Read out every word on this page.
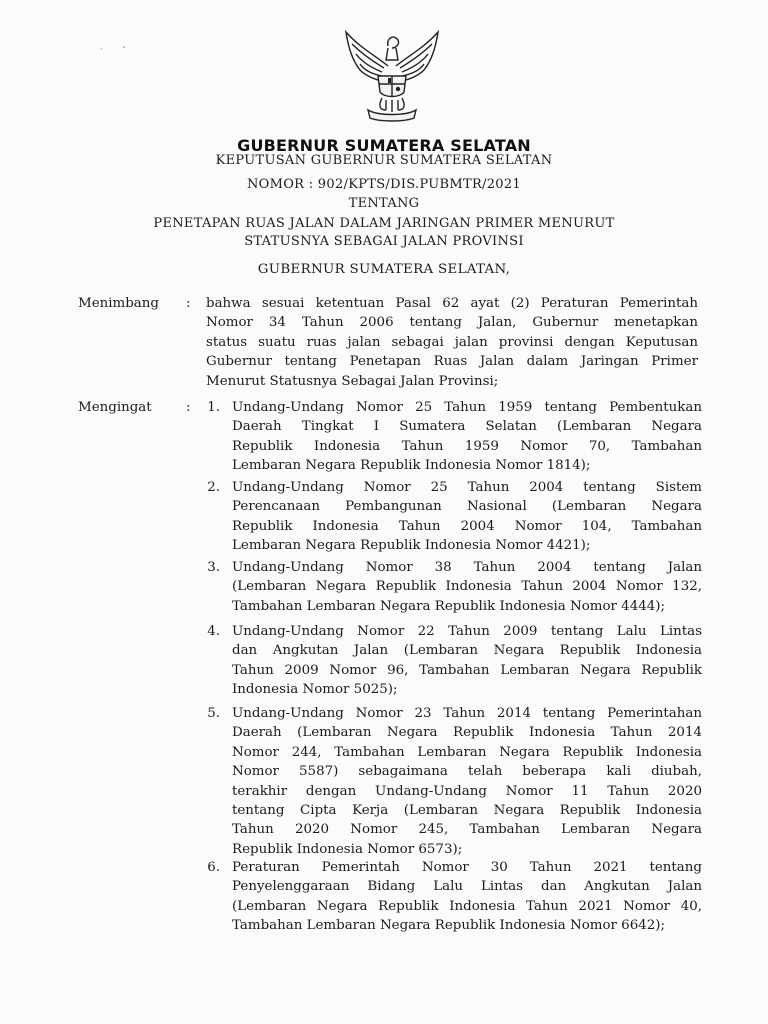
·        '
GUBERNUR SUMATERA SELATAN
KEPUTUSAN GUBERNUR SUMATERA SELATAN
NOMOR : 902/KPTS/DIS.PUBMTR/2021
TENTANG
PENETAPAN RUAS JALAN DALAM JARINGAN PRIMER MENURUT
STATUSNYA SEBAGAI JALAN PROVINSI
GUBERNUR SUMATERA SELATAN,
Menimbang :
Mengingat	:
bahwa sesuai ketentuan Pasal 62 ayat (2) Peraturan Pemerintah
Nomor 34 Tahun 2006 tentang Jalan, Gubernur menetapkan
status suatu ruas jalan sebagai jalan provinsi dengan Keputusan
Gubernur tentang Penetapan Ruas Jalan dalam Jaringan Primer
Menurut Statusnya Sebagai Jalan Provinsi;
1. Undang-Undang Nomor 25 Tahun 1959 tentang Pembentukan
Daerah Tingkat I Sumatera Selatan (Lembaran Negara
Republik Indonesia Tahun 1959 Nomor 70, Tambahan
Lembaran Negara Republik Indonesia Nomor 1814);
2. Undang-Undang Nomor 25 Tahun 2004 tentang Sistem
Perencanaan Pembangunan Nasional (Lembaran Negara
Republik Indonesia Tahun 2004 Nomor 104, Tambahan
Lembaran Negara Republik Indonesia Nomor 4421);
3. Undang-Undang Nomor 38 Tahun 2004 tentang Jalan
(Lembaran Negara Republik Indonesia Tahun 2004 Nomor 132,
Tambahan Lembaran Negara Republik Indonesia Nomor 4444);
4. Undang-Undang Nomor 22 Tahun 2009 tentang Lalu Lintas
dan Angkutan Jalan (Lembaran Negara Republik Indonesia
Tahun 2009 Nomor 96, Tambahan Lembaran Negara Republik
Indonesia Nomor 5025);
5. Undang-Undang Nomor 23 Tahun 2014 tentang Pemerintahan
Daerah (Lembaran Negara Republik Indonesia Tahun 2014
Nomor 244, Tambahan Lembaran Negara Republik Indonesia
Nomor 5587) sebagaimana telah beberapa kali diubah,
terakhir dengan Undang-Undang Nomor 11 Tahun 2020
tentang Cipta Kerja (Lembaran Negara Republik Indonesia
Tahun 2020 Nomor 245, Tambahan Lembaran Negara
Republik Indonesia Nomor 6573);
6. Peraturan Pemerintah Nomor 30 Tahun 2021 tentang
Penyelenggaraan Bidang Lalu Lintas dan Angkutan Jalan
(Lembaran Negara Republik Indonesia Tahun 2021 Nomor 40,
Tambahan Lembaran Negara Republik Indonesia Nomor 6642);
